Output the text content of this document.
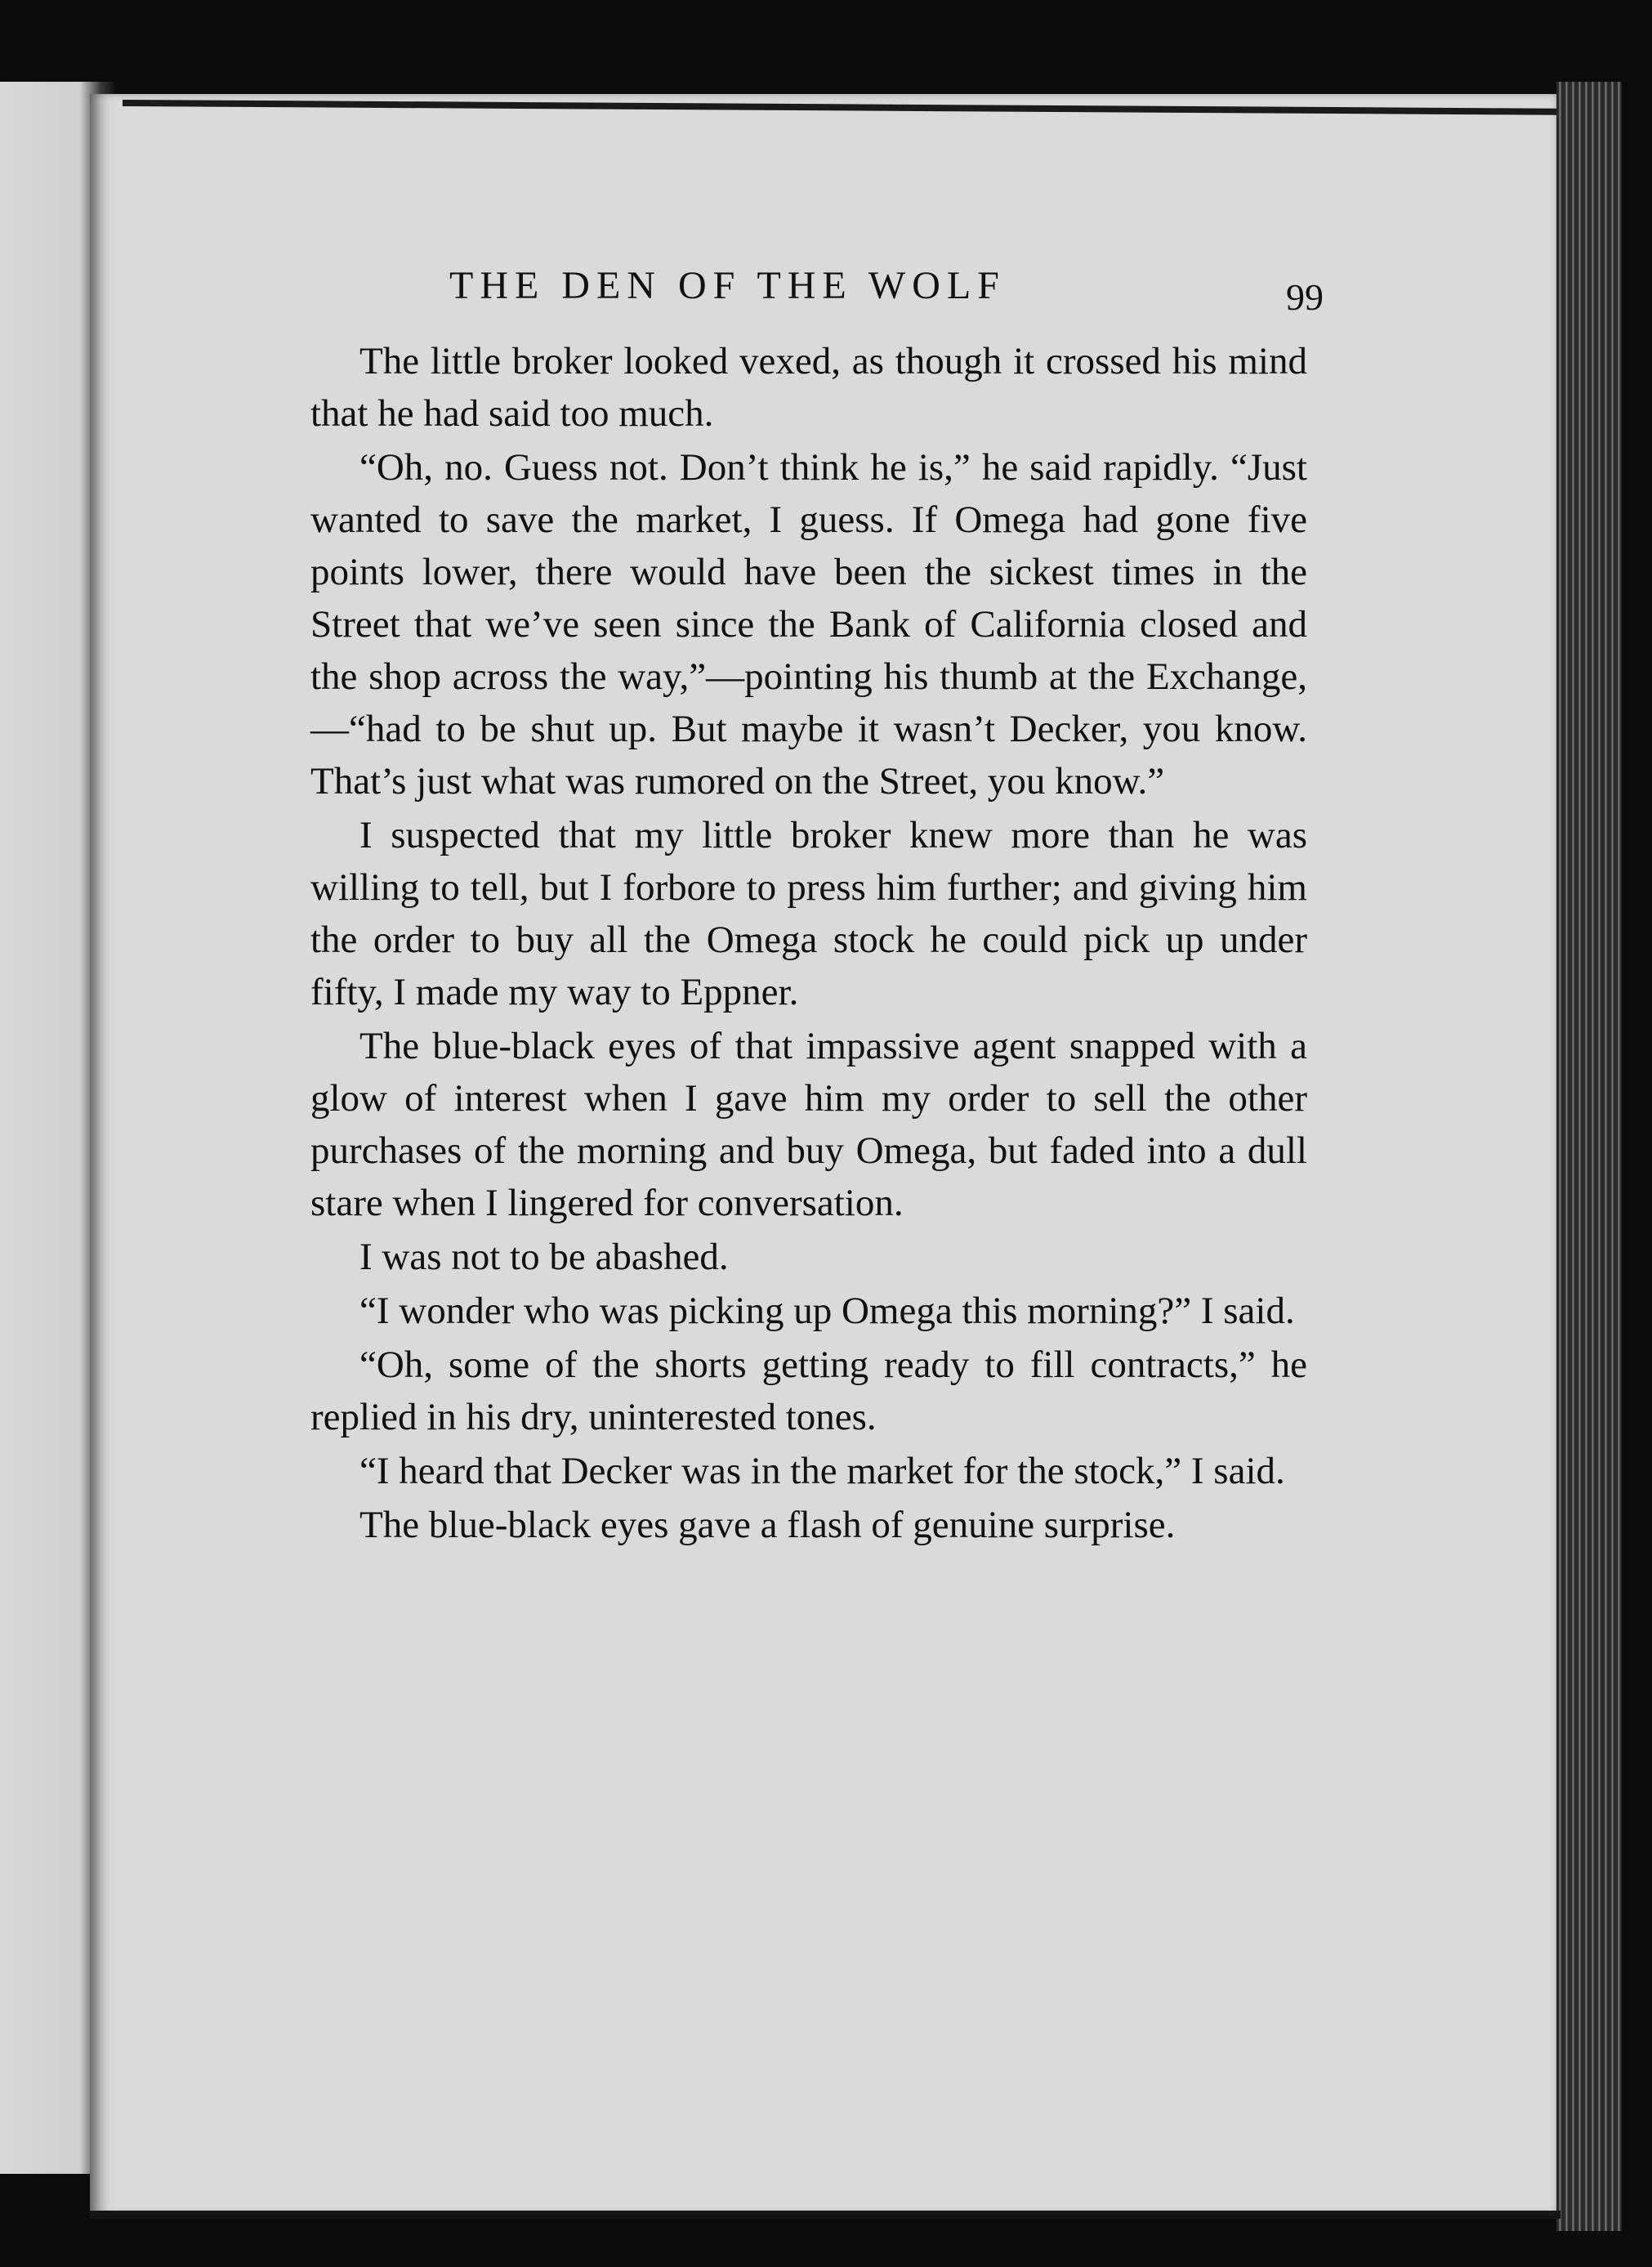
THE DEN OF THE WOLF	99

The little broker looked vexed, as though it crossed his mind that he had said too much.

“Oh, no. Guess not. Don’t think he is,” he said rapidly. “Just wanted to save the market, I guess. If Omega had gone five points lower, there would have been the sickest times in the Street that we’ve seen since the Bank of California closed and the shop across the way,”—pointing his thumb at the Exchange,—“had to be shut up. But maybe it wasn’t Decker, you know. That’s just what was rumored on the Street, you know.”

I suspected that my little broker knew more than he was willing to tell, but I forbore to press him further; and giving him the order to buy all the Omega stock he could pick up under fifty, I made my way to Eppner.

The blue-black eyes of that impassive agent snapped with a glow of interest when I gave him my order to sell the other purchases of the morning and buy Omega, but faded into a dull stare when I lingered for conversation.

I was not to be abashed.

“I wonder who was picking up Omega this morning?” I said.

“Oh, some of the shorts getting ready to fill contracts,” he replied in his dry, uninterested tones.

“I heard that Decker was in the market for the stock,” I said.

The blue-black eyes gave a flash of genuine surprise.
